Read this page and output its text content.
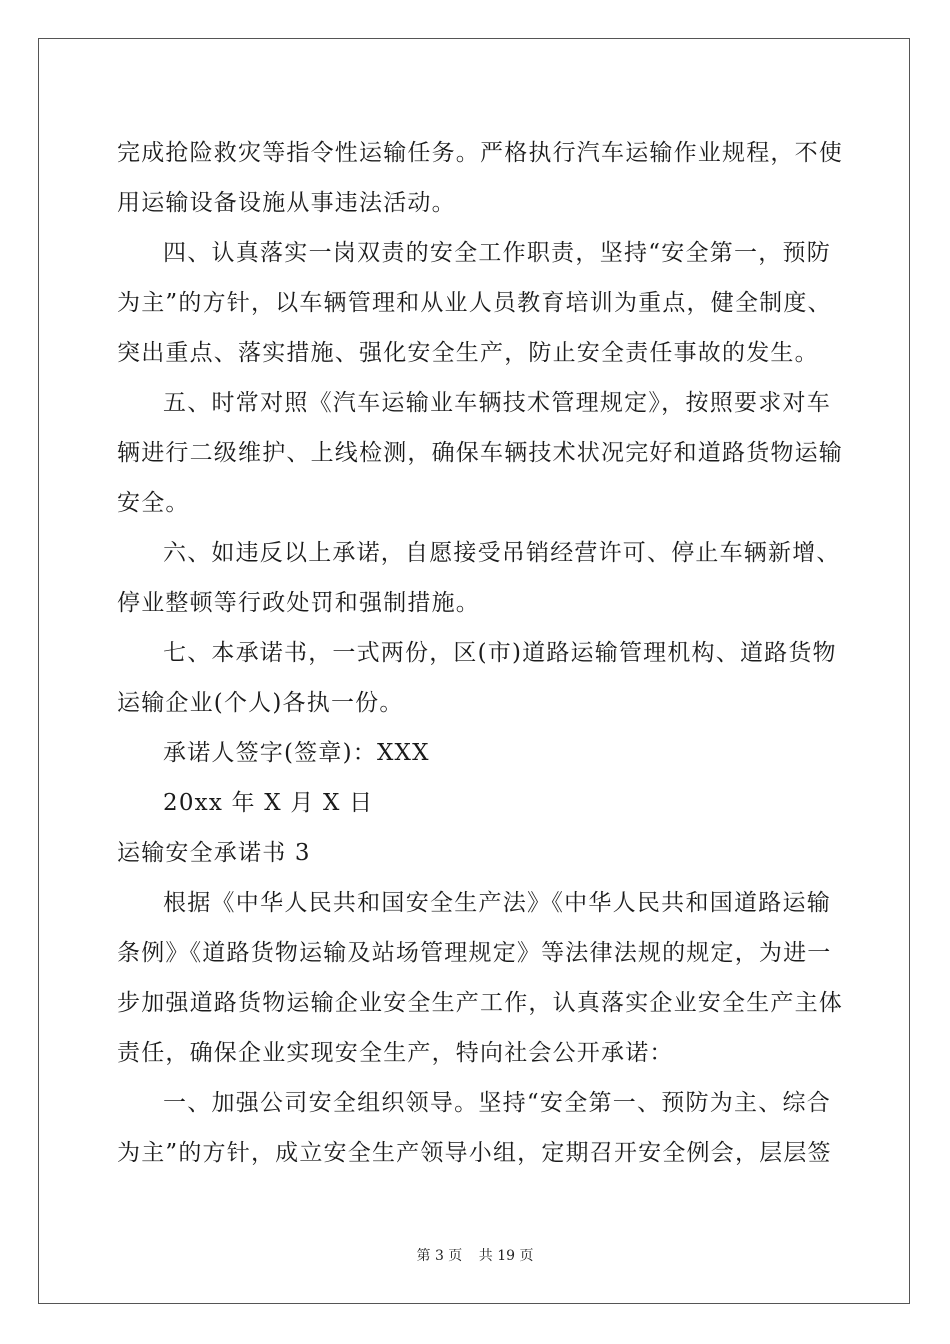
完成抢险救灾等指令性运输任务。严格执行汽车运输作业规程，不使
用运输设备设施从事违法活动。
四、认真落实一岗双责的安全工作职责，坚持“安全第一，预防
为主”的方针，以车辆管理和从业人员教育培训为重点，健全制度、
突出重点、落实措施、强化安全生产，防止安全责任事故的发生。
五、时常对照《汽车运输业车辆技术管理规定》，按照要求对车
辆进行二级维护、上线检测，确保车辆技术状况完好和道路货物运输
安全。
六、如违反以上承诺，自愿接受吊销经营许可、停止车辆新增、
停业整顿等行政处罚和强制措施。
七、本承诺书，一式两份，区(市)道路运输管理机构、道路货物
运输企业(个人)各执一份。
承诺人签字(签章)：XXX
20xx 年 X 月 X 日
运输安全承诺书 3
根据《中华人民共和国安全生产法》《中华人民共和国道路运输
条例》《道路货物运输及站场管理规定》等法律法规的规定，为进一
步加强道路货物运输企业安全生产工作，认真落实企业安全生产主体
责任，确保企业实现安全生产，特向社会公开承诺：
一、加强公司安全组织领导。坚持“安全第一、预防为主、综合
为主”的方针，成立安全生产领导小组，定期召开安全例会，层层签
第 3 页 共 19 页
